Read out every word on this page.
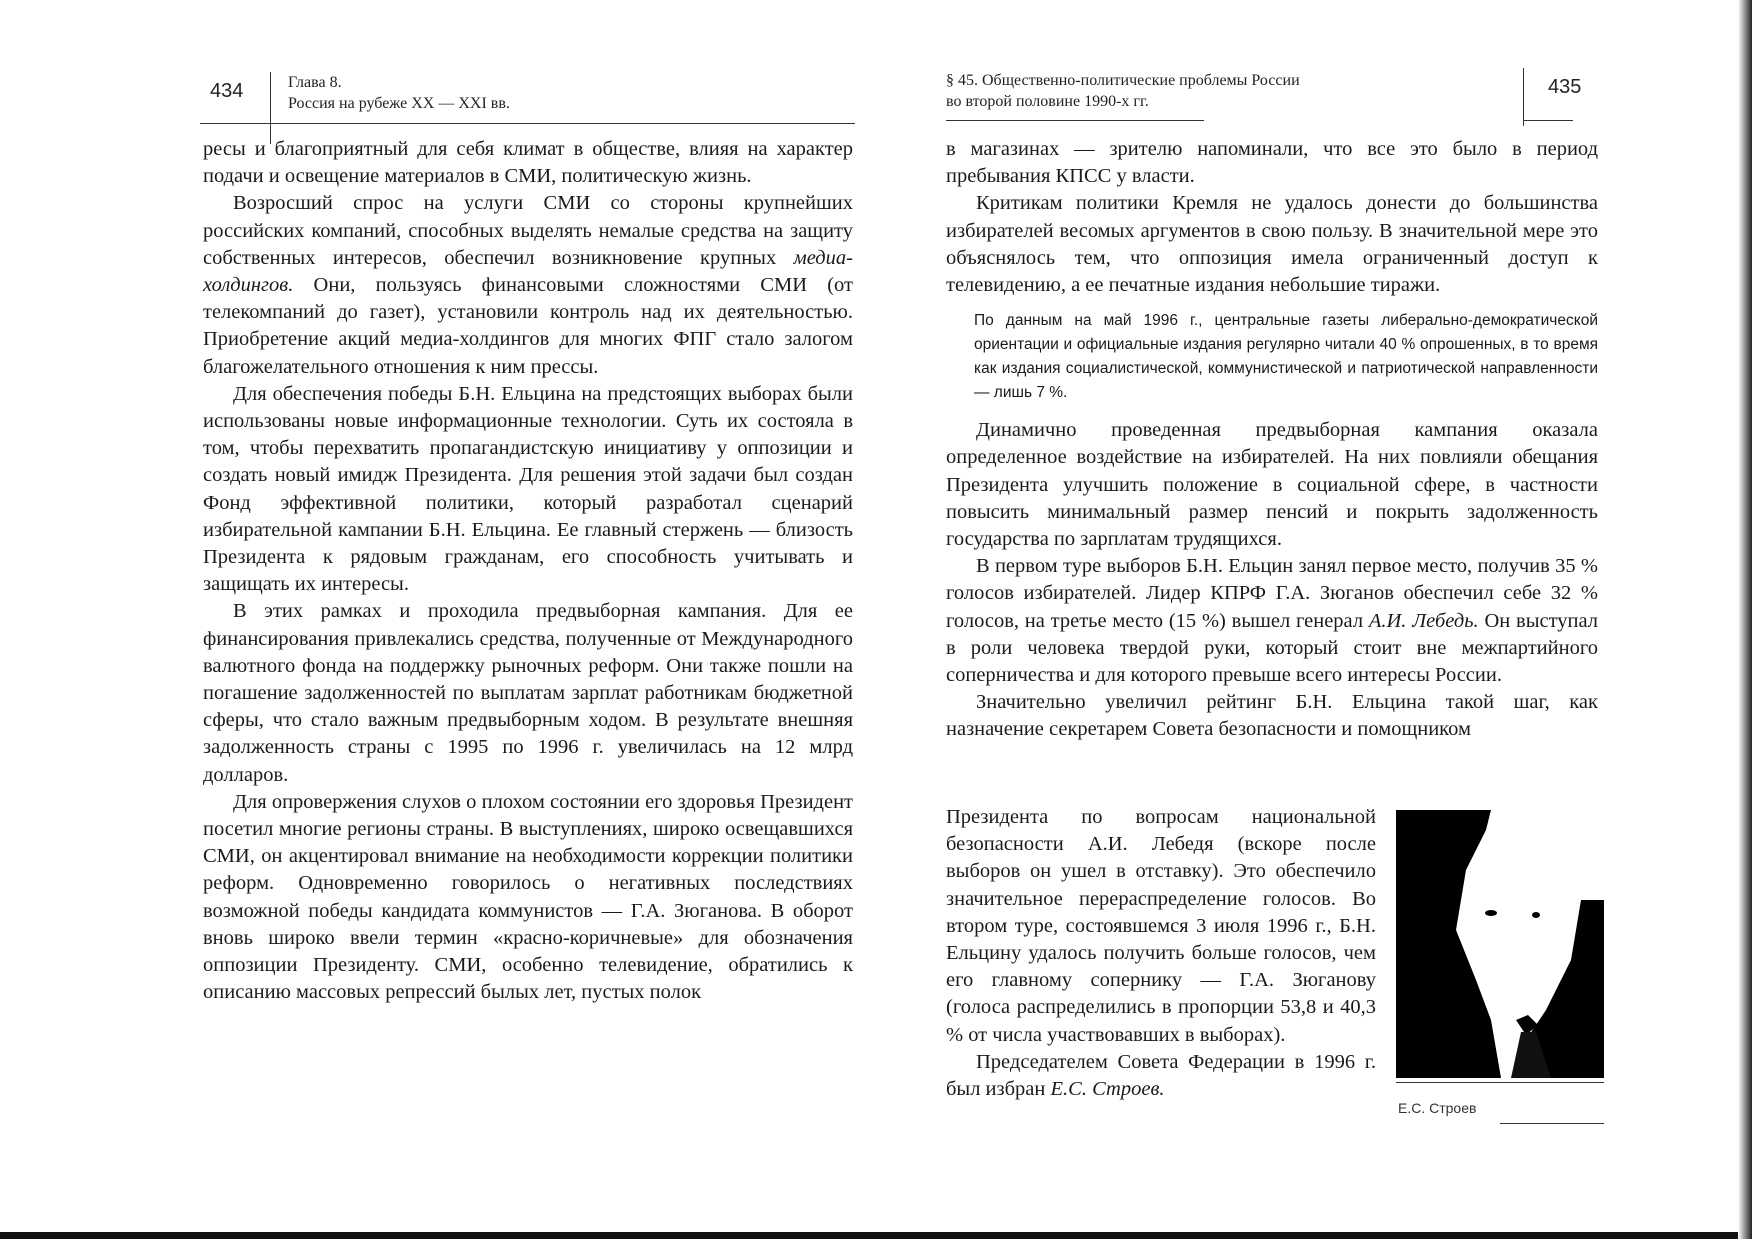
434	Глава 8.
Россия на рубеже XX — XXI вв.

ресы и благоприятный для себя климат в обществе, влияя на характер подачи и освещение материалов в СМИ, политическую жизнь.

Возросший спрос на услуги СМИ со стороны крупнейших российских компаний, способных выделять немалые средства на защиту собственных интересов, обеспечил возникновение крупных медиа-холдингов. Они, пользуясь финансовыми сложностями СМИ (от телекомпаний до газет), установили контроль над их деятельностью. Приобретение акций медиа-холдингов для многих ФПГ стало залогом благожелательного отношения к ним прессы.

Для обеспечения победы Б.Н. Ельцина на предстоящих выборах были использованы новые информационные технологии. Суть их состояла в том, чтобы перехватить пропагандистскую инициативу у оппозиции и создать новый имидж Президента. Для решения этой задачи был создан Фонд эффективной политики, который разработал сценарий избирательной кампании Б.Н. Ельцина. Ее главный стержень — близость Президента к рядовым гражданам, его способность учитывать и защищать их интересы.

В этих рамках и проходила предвыборная кампания. Для ее финансирования привлекались средства, полученные от Международного валютного фонда на поддержку рыночных реформ. Они также пошли на погашение задолженностей по выплатам зарплат работникам бюджетной сферы, что стало важным предвыборным ходом. В результате внешняя задолженность страны с 1995 по 1996 г. увеличилась на 12 млрд долларов.

Для опровержения слухов о плохом состоянии его здоровья Президент посетил многие регионы страны. В выступлениях, широко освещавшихся СМИ, он акцентировал внимание на необходимости коррекции политики реформ. Одновременно говорилось о негативных последствиях возможной победы кандидата коммунистов — Г.А. Зюганова. В оборот вновь широко ввели термин «красно-коричневые» для обозначения оппозиции Президенту. СМИ, особенно телевидение, обратились к описанию массовых репрессий былых лет, пустых полок

§ 45. Общественно-политические проблемы России
во второй половине 1990-х гг.
435

в магазинах — зрителю напоминали, что все это было в период пребывания КПСС у власти.

Критикам политики Кремля не удалось донести до большинства избирателей весомых аргументов в свою пользу. В значительной мере это объяснялось тем, что оппозиция имела ограниченный доступ к телевидению, а ее печатные издания небольшие тиражи.

По данным на май 1996 г., центральные газеты либерально-демократической ориентации и официальные издания регулярно читали 40 % опрошенных, в то время как издания социалистической, коммунистической и патриотической направленности — лишь 7 %.

Динамично проведенная предвыборная кампания оказала определенное воздействие на избирателей. На них повлияли обещания Президента улучшить положение в социальной сфере, в частности повысить минимальный размер пенсий и покрыть задолженность государства по зарплатам трудящихся.

В первом туре выборов Б.Н. Ельцин занял первое место, получив 35 % голосов избирателей. Лидер КПРФ Г.А. Зюганов обеспечил себе 32 % голосов, на третье место (15 %) вышел генерал А.И. Лебедь. Он выступал в роли человека твердой руки, который стоит вне межпартийного соперничества и для которого превыше всего интересы России.

Значительно увеличил рейтинг Б.Н. Ельцина такой шаг, как назначение секретарем Совета безопасности и помощником

Президента по вопросам национальной безопасности А.И. Лебедя (вскоре после выборов он ушел в отставку). Это обеспечило значительное перераспределение голосов. Во втором туре, состоявшемся 3 июля 1996 г., Б.Н. Ельцину удалось получить больше голосов, чем его главному сопернику — Г.А. Зюганову (голоса распределились в пропорции 53,8 и 40,3 % от числа участвовавших в выборах).

Председателем Совета Федерации в 1996 г. был избран Е.С. Строев.

Е.С. Строев
